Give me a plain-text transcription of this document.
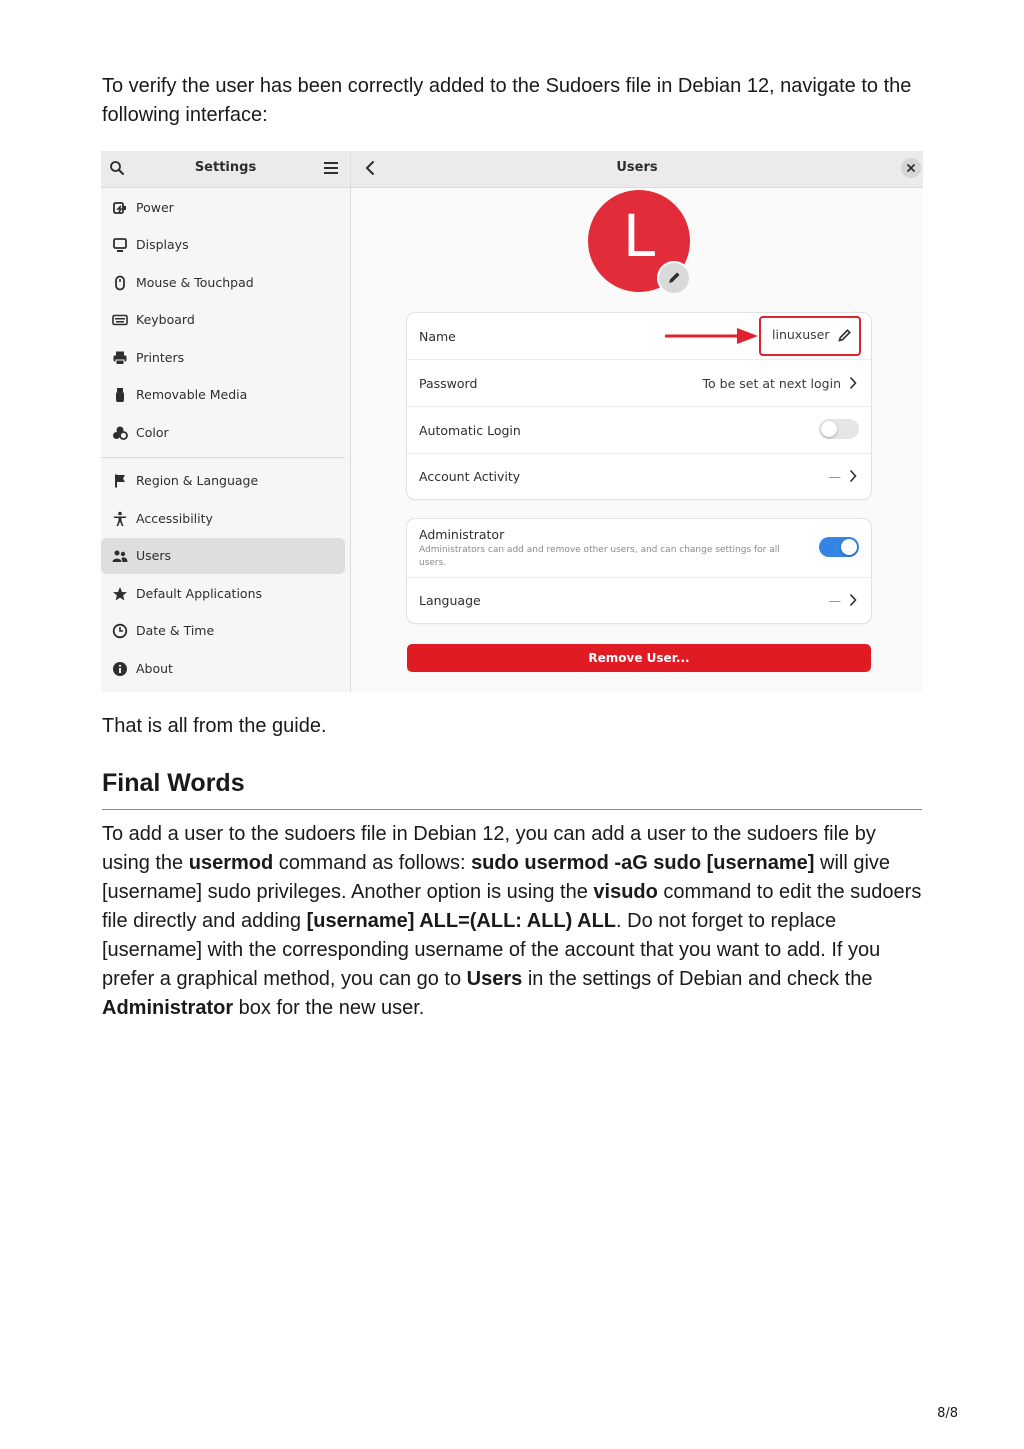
To verify the user has been correctly added to the Sudoers file in Debian 12, navigate to the following interface:

Settings
Power
Displays
Mouse & Touchpad
Keyboard
Printers
Removable Media
Color
Region & Language
Accessibility
Users
Default Applications
Date & Time
About
Users
L
Name	linuxuser
Password	To be set at next login
Automatic Login
Account Activity	—
Administrator
Administrators can add and remove other users, and can change settings for all users.
Language	—
Remove User...

That is all from the guide.

Final Words

To add a user to the sudoers file in Debian 12, you can add a user to the sudoers file by using the usermod command as follows: sudo usermod -aG sudo [username] will give [username] sudo privileges. Another option is using the visudo command to edit the sudoers file directly and adding [username] ALL=(ALL: ALL) ALL. Do not forget to replace [username] with the corresponding username of the account that you want to add. If you prefer a graphical method, you can go to Users in the settings of Debian and check the Administrator box for the new user.

8/8
